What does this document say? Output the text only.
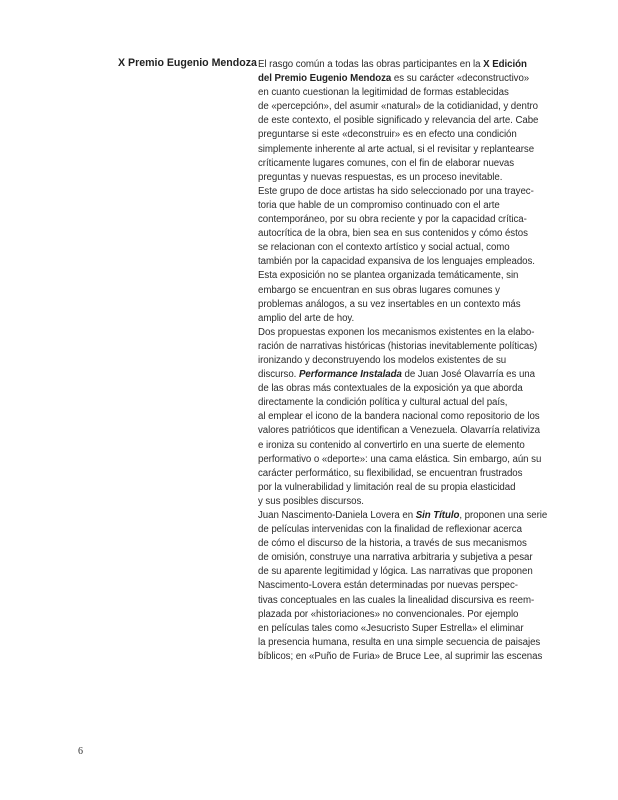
X Premio Eugenio Mendoza El rasgo común a todas las obras participantes en la X Edición
del Premio Eugenio Mendoza es su carácter «deconstructivo»
en cuanto cuestionan la legitimidad de formas establecidas
de «percepción», del asumir «natural» de la cotidianidad, y dentro
de este contexto, el posible significado y relevancia del arte. Cabe
preguntarse si este «deconstruir» es en efecto una condición
simplemente inherente al arte actual, si el revisitar y replantearse
críticamente lugares comunes, con el fin de elaborar nuevas
preguntas y nuevas respuestas, es un proceso inevitable.
Este grupo de doce artistas ha sido seleccionado por una trayec-
toria que hable de un compromiso continuado con el arte
contemporáneo, por su obra reciente y por la capacidad crítica-
autocrítica de la obra, bien sea en sus contenidos y cómo éstos
se relacionan con el contexto artístico y social actual, como
también por la capacidad expansiva de los lenguajes empleados.
Esta exposición no se plantea organizada temáticamente, sin
embargo se encuentran en sus obras lugares comunes y
problemas análogos, a su vez insertables en un contexto más
amplio del arte de hoy.
Dos propuestas exponen los mecanismos existentes en la elabo-
ración de narrativas históricas (historias inevitablemente políticas)
ironizando y deconstruyendo los modelos existentes de su
discurso. Performance Instalada de Juan José Olavarría es una
de las obras más contextuales de la exposición ya que aborda
directamente la condición política y cultural actual del país,
al emplear el icono de la bandera nacional como repositorio de los
valores patrióticos que identifican a Venezuela. Olavarría relativiza
e ironiza su contenido al convertirlo en una suerte de elemento
performativo o «deporte»: una cama elástica. Sin embargo, aún su
carácter performático, su flexibilidad, se encuentran frustrados
por la vulnerabilidad y limitación real de su propia elasticidad
y sus posibles discursos.
Juan Nascimento-Daniela Lovera en Sin Título, proponen una serie
de películas intervenidas con la finalidad de reflexionar acerca
de cómo el discurso de la historia, a través de sus mecanismos
de omisión, construye una narrativa arbitraria y subjetiva a pesar
de su aparente legitimidad y lógica. Las narrativas que proponen
Nascimento-Lovera están determinadas por nuevas perspec-
tivas conceptuales en las cuales la linealidad discursiva es reem-
plazada por «historiaciones» no convencionales. Por ejemplo
en películas tales como «Jesucristo Super Estrella» el eliminar
la presencia humana, resulta en una simple secuencia de paisajes
bíblicos; en «Puño de Furia» de Bruce Lee, al suprimir las escenas
6
